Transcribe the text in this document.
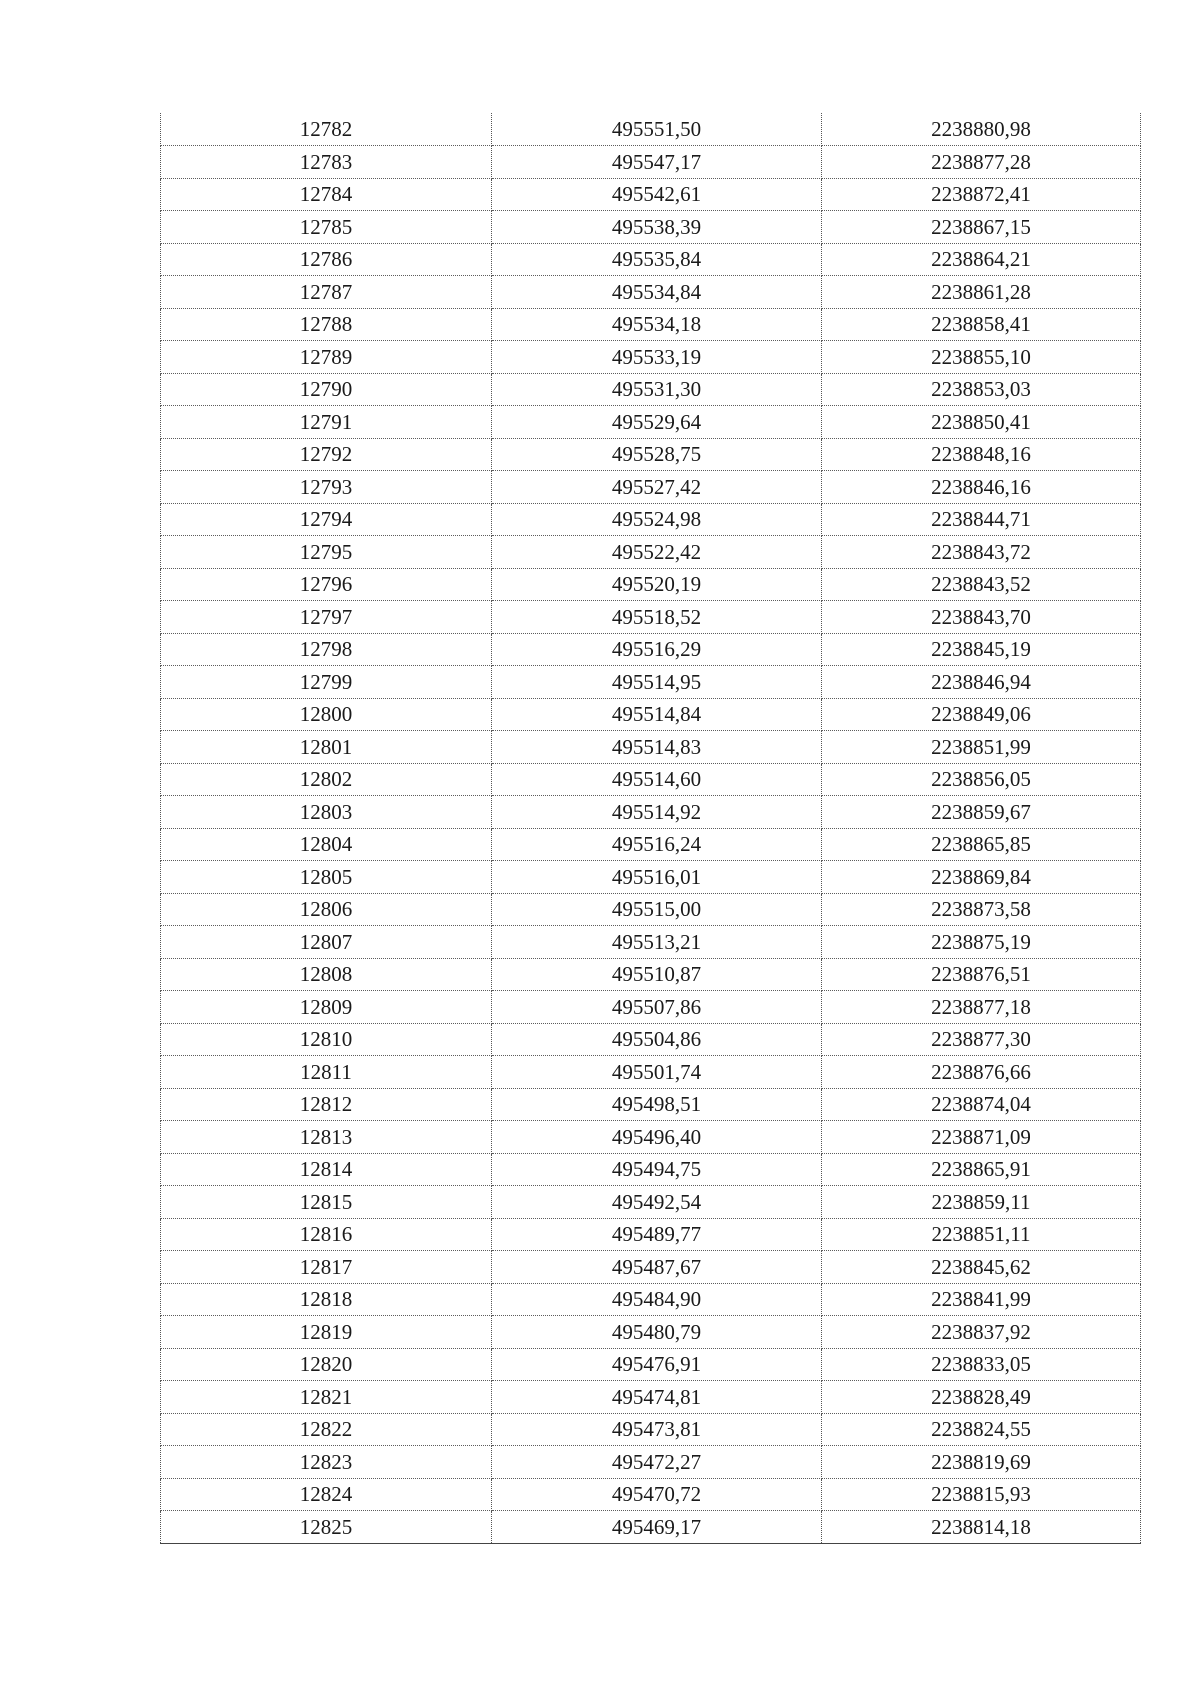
12782	495551,50	2238880,98
12783	495547,17	2238877,28
12784	495542,61	2238872,41
12785	495538,39	2238867,15
12786	495535,84	2238864,21
12787	495534,84	2238861,28
12788	495534,18	2238858,41
12789	495533,19	2238855,10
12790	495531,30	2238853,03
12791	495529,64	2238850,41
12792	495528,75	2238848,16
12793	495527,42	2238846,16
12794	495524,98	2238844,71
12795	495522,42	2238843,72
12796	495520,19	2238843,52
12797	495518,52	2238843,70
12798	495516,29	2238845,19
12799	495514,95	2238846,94
12800	495514,84	2238849,06
12801	495514,83	2238851,99
12802	495514,60	2238856,05
12803	495514,92	2238859,67
12804	495516,24	2238865,85
12805	495516,01	2238869,84
12806	495515,00	2238873,58
12807	495513,21	2238875,19
12808	495510,87	2238876,51
12809	495507,86	2238877,18
12810	495504,86	2238877,30
12811	495501,74	2238876,66
12812	495498,51	2238874,04
12813	495496,40	2238871,09
12814	495494,75	2238865,91
12815	495492,54	2238859,11
12816	495489,77	2238851,11
12817	495487,67	2238845,62
12818	495484,90	2238841,99
12819	495480,79	2238837,92
12820	495476,91	2238833,05
12821	495474,81	2238828,49
12822	495473,81	2238824,55
12823	495472,27	2238819,69
12824	495470,72	2238815,93
12825	495469,17	2238814,18
